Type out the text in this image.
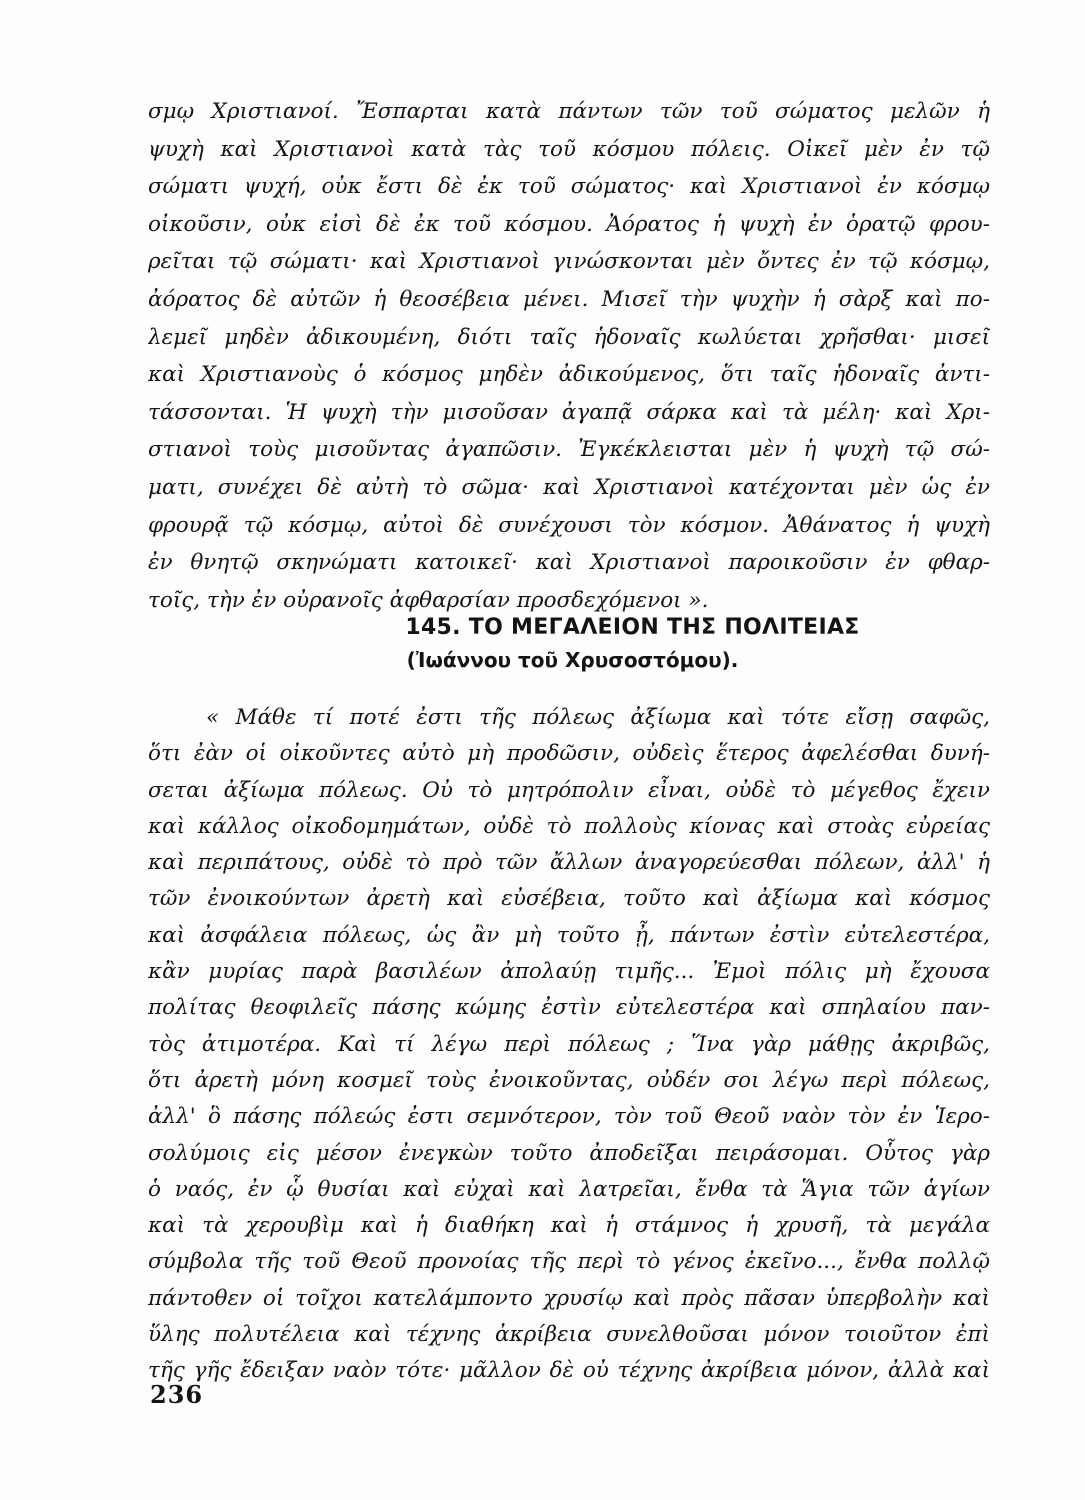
σμῳ Χριστιανοί. Ἔσπαρται κατὰ πάντων τῶν τοῦ σώματος μελῶν ἡ
ψυχὴ καὶ Χριστιανοὶ κατὰ τὰς τοῦ κόσμου πόλεις. Οἰκεῖ μὲν ἐν τῷ
σώματι ψυχή, οὐκ ἔστι δὲ ἐκ τοῦ σώματος· καὶ Χριστιανοὶ ἐν κόσμῳ
οἰκοῦσιν, οὐκ εἰσὶ δὲ ἐκ τοῦ κόσμου. Ἀόρατος ἡ ψυχὴ ἐν ὁρατῷ φρου-
ρεῖται τῷ σώματι· καὶ Χριστιανοὶ γινώσκονται μὲν ὄντες ἐν τῷ κόσμῳ,
ἀόρατος δὲ αὐτῶν ἡ θεοσέβεια μένει. Μισεῖ τὴν ψυχὴν ἡ σὰρξ καὶ πο-
λεμεῖ μηδὲν ἀδικουμένη, διότι ταῖς ἡδοναῖς κωλύεται χρῆσθαι· μισεῖ
καὶ Χριστιανοὺς ὁ κόσμος μηδὲν ἀδικούμενος, ὅτι ταῖς ἡδοναῖς ἀντι-
τάσσονται. Ἡ ψυχὴ τὴν μισοῦσαν ἀγαπᾷ σάρκα καὶ τὰ μέλη· καὶ Χρι-
στιανοὶ τοὺς μισοῦντας ἀγαπῶσιν. Ἐγκέκλεισται μὲν ἡ ψυχὴ τῷ σώ-
ματι, συνέχει δὲ αὐτὴ τὸ σῶμα· καὶ Χριστιανοὶ κατέχονται μὲν ὡς ἐν
φρουρᾷ τῷ κόσμῳ, αὐτοὶ δὲ συνέχουσι τὸν κόσμον. Ἀθάνατος ἡ ψυχὴ
ἐν θνητῷ σκηνώματι κατοικεῖ· καὶ Χριστιανοὶ παροικοῦσιν ἐν φθαρ-
τοῖς, τὴν ἐν οὐρανοῖς ἀφθαρσίαν προσδεχόμενοι ».
145. ΤΟ ΜΕΓΑΛΕΙΟΝ ΤΗΣ ΠΟΛΙΤΕΙΑΣ
(Ἰωάννου τοῦ Χρυσοστόμου).
« Μάθε τί ποτέ ἐστι τῆς πόλεως ἀξίωμα καὶ τότε εἴσῃ σαφῶς,
ὅτι ἐὰν οἱ οἰκοῦντες αὐτὸ μὴ προδῶσιν, οὐδεὶς ἕτερος ἀφελέσθαι δυνή-
σεται ἀξίωμα πόλεως. Οὐ τὸ μητρόπολιν εἶναι, οὐδὲ τὸ μέγεθος ἔχειν
καὶ κάλλος οἰκοδομημάτων, οὐδὲ τὸ πολλοὺς κίονας καὶ στοὰς εὐρείας
καὶ περιπάτους, οὐδὲ τὸ πρὸ τῶν ἄλλων ἀναγορεύεσθαι πόλεων, ἀλλ' ἡ
τῶν ἐνοικούντων ἀρετὴ καὶ εὐσέβεια, τοῦτο καὶ ἀξίωμα καὶ κόσμος
καὶ ἀσφάλεια πόλεως, ὡς ἂν μὴ τοῦτο ᾖ, πάντων ἐστὶν εὐτελεστέρα,
κἂν μυρίας παρὰ βασιλέων ἀπολαύῃ τιμῆς... Ἐμοὶ πόλις μὴ ἔχουσα
πολίτας θεοφιλεῖς πάσης κώμης ἐστὶν εὐτελεστέρα καὶ σπηλαίου παν-
τὸς ἀτιμοτέρα. Καὶ τί λέγω περὶ πόλεως ; Ἵνα γὰρ μάθῃς ἀκριβῶς,
ὅτι ἀρετὴ μόνη κοσμεῖ τοὺς ἐνοικοῦντας, οὐδέν σοι λέγω περὶ πόλεως,
ἀλλ' ὃ πάσης πόλεώς ἐστι σεμνότερον, τὸν τοῦ Θεοῦ ναὸν τὸν ἐν Ἱερο-
σολύμοις εἰς μέσον ἐνεγκὼν τοῦτο ἀποδεῖξαι πειράσομαι. Οὗτος γὰρ
ὁ ναός, ἐν ᾧ θυσίαι καὶ εὐχαὶ καὶ λατρεῖαι, ἔνθα τὰ Ἅγια τῶν ἁγίων
καὶ τὰ χερουβὶμ καὶ ἡ διαθήκη καὶ ἡ στάμνος ἡ χρυσῆ, τὰ μεγάλα
σύμβολα τῆς τοῦ Θεοῦ προνοίας τῆς περὶ τὸ γένος ἐκεῖνο..., ἔνθα πολλῷ
πάντοθεν οἱ τοῖχοι κατελάμποντο χρυσίῳ καὶ πρὸς πᾶσαν ὑπερβολὴν καὶ
ὕλης πολυτέλεια καὶ τέχνης ἀκρίβεια συνελθοῦσαι μόνον τοιοῦτον ἐπὶ
τῆς γῆς ἔδειξαν ναὸν τότε· μᾶλλον δὲ οὐ τέχνης ἀκρίβεια μόνον, ἀλλὰ καὶ
236
